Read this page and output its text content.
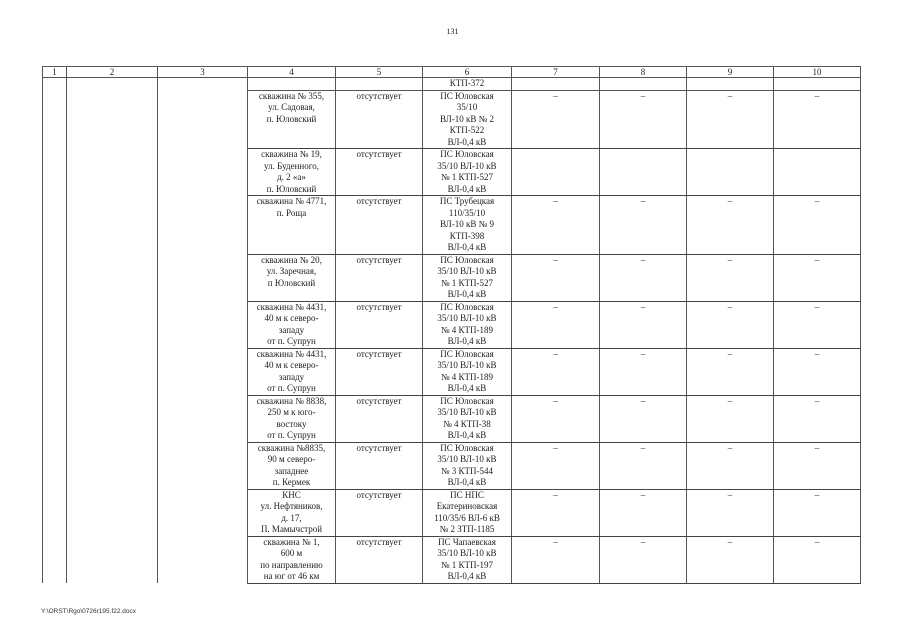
131
1	2	3	4	5	6	7	8	9	10
					КТП-372				
			скважина № 355,
ул. Садовая,
п. Юловский	отсутствует	ПС Юловская
35/10
ВЛ-10 кВ № 2
КТП-522
ВЛ-0,4 кВ	–	–	–	–
			скважина № 19,
ул. Буденного,
д. 2 «а»
п. Юловский	отсутствует	ПС Юловская
35/10 ВЛ-10 кВ
№ 1 КТП-527
ВЛ-0,4 кВ				
			скважина № 4771,
п. Роща	отсутствует	ПС Трубецкая
110/35/10
ВЛ-10 кВ № 9
КТП-398
ВЛ-0,4 кВ	–	–	–	–
			скважина № 20,
ул. Заречная,
п Юловский	отсутствует	ПС Юловская
35/10 ВЛ-10 кВ
№ 1 КТП-527
ВЛ-0,4 кВ	–	–	–	–
			скважина № 4431,
40 м к северо-
западу
от п. Супрун	отсутствует	ПС Юловская
35/10 ВЛ-10 кВ
№ 4 КТП-189
ВЛ-0,4 кВ	–	–	–	–
			скважина № 4431,
40 м к северо-
западу
от п. Супрун	отсутствует	ПС Юловская
35/10 ВЛ-10 кВ
№ 4 КТП-189
ВЛ-0,4 кВ	–	–	–	–
			скважина № 8838,
250 м к юго-
востоку
от п. Супрун	отсутствует	ПС Юловская
35/10 ВЛ-10 кВ
№ 4 КТП-38
ВЛ-0,4 кВ	–	–	–	–
			скважина №8835,
90 м северо-
западнее
п. Кермек	отсутствует	ПС Юловская
35/10 ВЛ-10 кВ
№ 3 КТП-544
ВЛ-0,4 кВ	–	–	–	–
			КНС
ул. Нефтяников,
д. 17,
П. Мамычстрой	отсутствует	ПС НПС
Екатериновская
110/35/6 ВЛ-6 кВ
№ 2 ЗТП-1185	–	–	–	–
			скважина № 1,
600 м
по направлению
на юг от 46 км	отсутствует	ПС Чапаевская
35/10 ВЛ-10 кВ
№ 1 КТП-197
ВЛ-0,4 кВ	–	–	–	–
Y:\ORST\Rgo\0726r195.f22.docx
